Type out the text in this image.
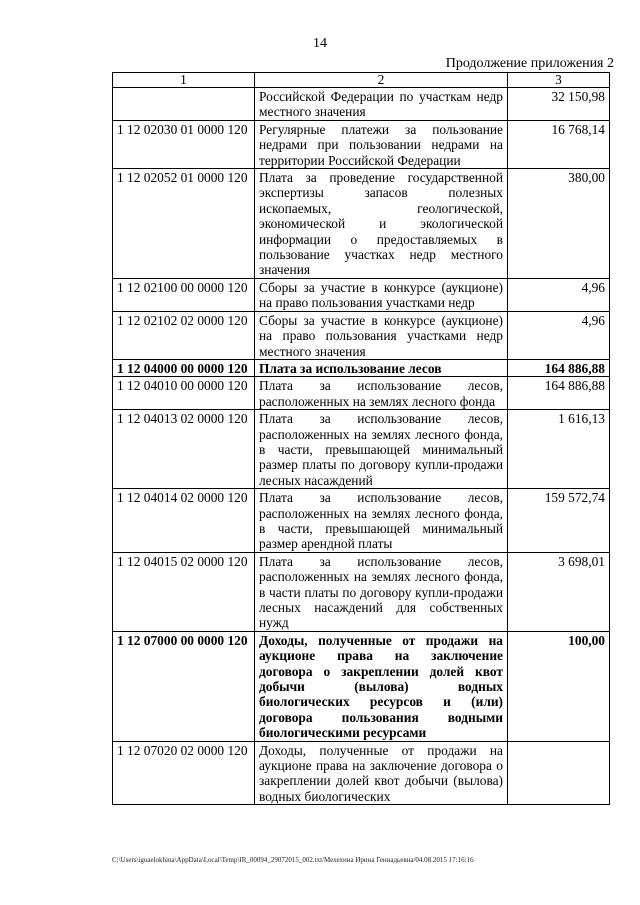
14
Продолжение приложения 2
1	2	3
	Российской Федерации по участкам недр местного значения	32 150,98
1 12 02030 01 0000 120	Регулярные платежи за пользование недрами при пользовании недрами на территории Российской Федерации	16 768,14
1 12 02052 01 0000 120	Плата за проведение государственной экспертизы запасов полезных ископаемых, геологической, экономической и экологической информации о предоставляемых в пользование участках недр местного значения	380,00
1 12 02100 00 0000 120	Сборы за участие в конкурсе (аукционе) на право пользования участками недр	4,96
1 12 02102 02 0000 120	Сборы за участие в конкурсе (аукционе) на право пользования участками недр местного значения	4,96
1 12 04000 00 0000 120	Плата за использование лесов	164 886,88
1 12 04010 00 0000 120	Плата за использование лесов, расположенных на землях лесного фонда	164 886,88
1 12 04013 02 0000 120	Плата за использование лесов, расположенных на землях лесного фонда, в части, превышающей минимальный размер платы по договору купли-продажи лесных насаждений	1 616,13
1 12 04014 02 0000 120	Плата за использование лесов, расположенных на землях лесного фонда, в части, превышающей минимальный размер арендной платы	159 572,74
1 12 04015 02 0000 120	Плата за использование лесов, расположенных на землях лесного фонда, в части платы по договору купли-продажи лесных насаждений для собственных нужд	3 698,01
1 12 07000 00 0000 120	Доходы, полученные от продажи на аукционе права на заключение договора о закреплении долей квот добычи (вылова) водных биологических ресурсов и (или) договора пользования водными биологическими ресурсами	100,00
1 12 07020 02 0000 120	Доходы, полученные от продажи на аукционе права на заключение договора о закреплении долей квот добычи (вылова) водных биологических	
C:\Users\iguaelokhina\AppData\Local\Temp\IR_00094_29072015_002.txt/Мехехина Ирина Геннадьевна/04.08.2015 17:16:16
